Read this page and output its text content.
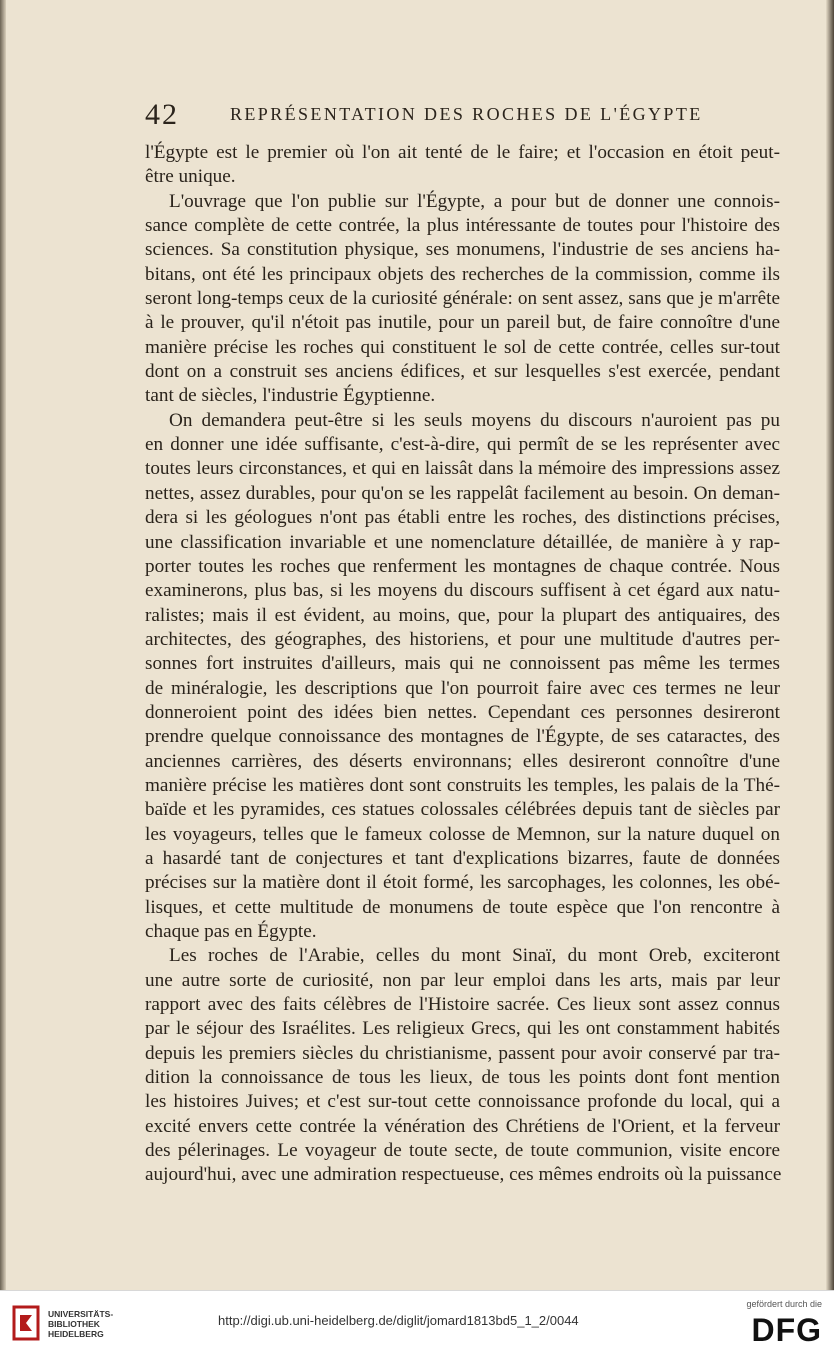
42	REPRÉSENTATION DES ROCHES DE L'ÉGYPTE
l'Égypte est le premier où l'on ait tenté de le faire; et l'occasion en étoit peut-
être unique.
L'ouvrage que l'on publie sur l'Égypte, a pour but de donner une connois-
sance complète de cette contrée, la plus intéressante de toutes pour l'histoire des
sciences. Sa constitution physique, ses monumens, l'industrie de ses anciens ha-
bitans, ont été les principaux objets des recherches de la commission, comme ils
seront long-temps ceux de la curiosité générale: on sent assez, sans que je m'arrête
à le prouver, qu'il n'étoit pas inutile, pour un pareil but, de faire connoître d'une
manière précise les roches qui constituent le sol de cette contrée, celles sur-tout
dont on a construit ses anciens édifices, et sur lesquelles s'est exercée, pendant
tant de siècles, l'industrie Égyptienne.
On demandera peut-être si les seuls moyens du discours n'auroient pas pu
en donner une idée suffisante, c'est-à-dire, qui permît de se les représenter avec
toutes leurs circonstances, et qui en laissât dans la mémoire des impressions assez
nettes, assez durables, pour qu'on se les rappelât facilement au besoin. On deman-
dera si les géologues n'ont pas établi entre les roches, des distinctions précises,
une classification invariable et une nomenclature détaillée, de manière à y rap-
porter toutes les roches que renferment les montagnes de chaque contrée. Nous
examinerons, plus bas, si les moyens du discours suffisent à cet égard aux natu-
ralistes; mais il est évident, au moins, que, pour la plupart des antiquaires, des
architectes, des géographes, des historiens, et pour une multitude d'autres per-
sonnes fort instruites d'ailleurs, mais qui ne connoissent pas même les termes
de minéralogie, les descriptions que l'on pourroit faire avec ces termes ne leur
donneroient point des idées bien nettes. Cependant ces personnes desireront
prendre quelque connoissance des montagnes de l'Égypte, de ses cataractes, des
anciennes carrières, des déserts environnans; elles desireront connoître d'une
manière précise les matières dont sont construits les temples, les palais de la Thé-
baïde et les pyramides, ces statues colossales célébrées depuis tant de siècles par
les voyageurs, telles que le fameux colosse de Memnon, sur la nature duquel on
a hasardé tant de conjectures et tant d'explications bizarres, faute de données
précises sur la matière dont il étoit formé, les sarcophages, les colonnes, les obé-
lisques, et cette multitude de monumens de toute espèce que l'on rencontre à
chaque pas en Égypte.
Les roches de l'Arabie, celles du mont Sinaï, du mont Oreb, exciteront
une autre sorte de curiosité, non par leur emploi dans les arts, mais par leur
rapport avec des faits célèbres de l'Histoire sacrée. Ces lieux sont assez connus
par le séjour des Israélites. Les religieux Grecs, qui les ont constamment habités
depuis les premiers siècles du christianisme, passent pour avoir conservé par tra-
dition la connoissance de tous les lieux, de tous les points dont font mention
les histoires Juives; et c'est sur-tout cette connoissance profonde du local, qui a
excité envers cette contrée la vénération des Chrétiens de l'Orient, et la ferveur
des pélerinages. Le voyageur de toute secte, de toute communion, visite encore
aujourd'hui, avec une admiration respectueuse, ces mêmes endroits où la puissance
UNIVERSITÄTS-
BIBLIOTHEK
HEIDELBERG
http://digi.ub.uni-heidelberg.de/diglit/jomard1813bd5_1_2/0044
gefördert durch die
DFG
